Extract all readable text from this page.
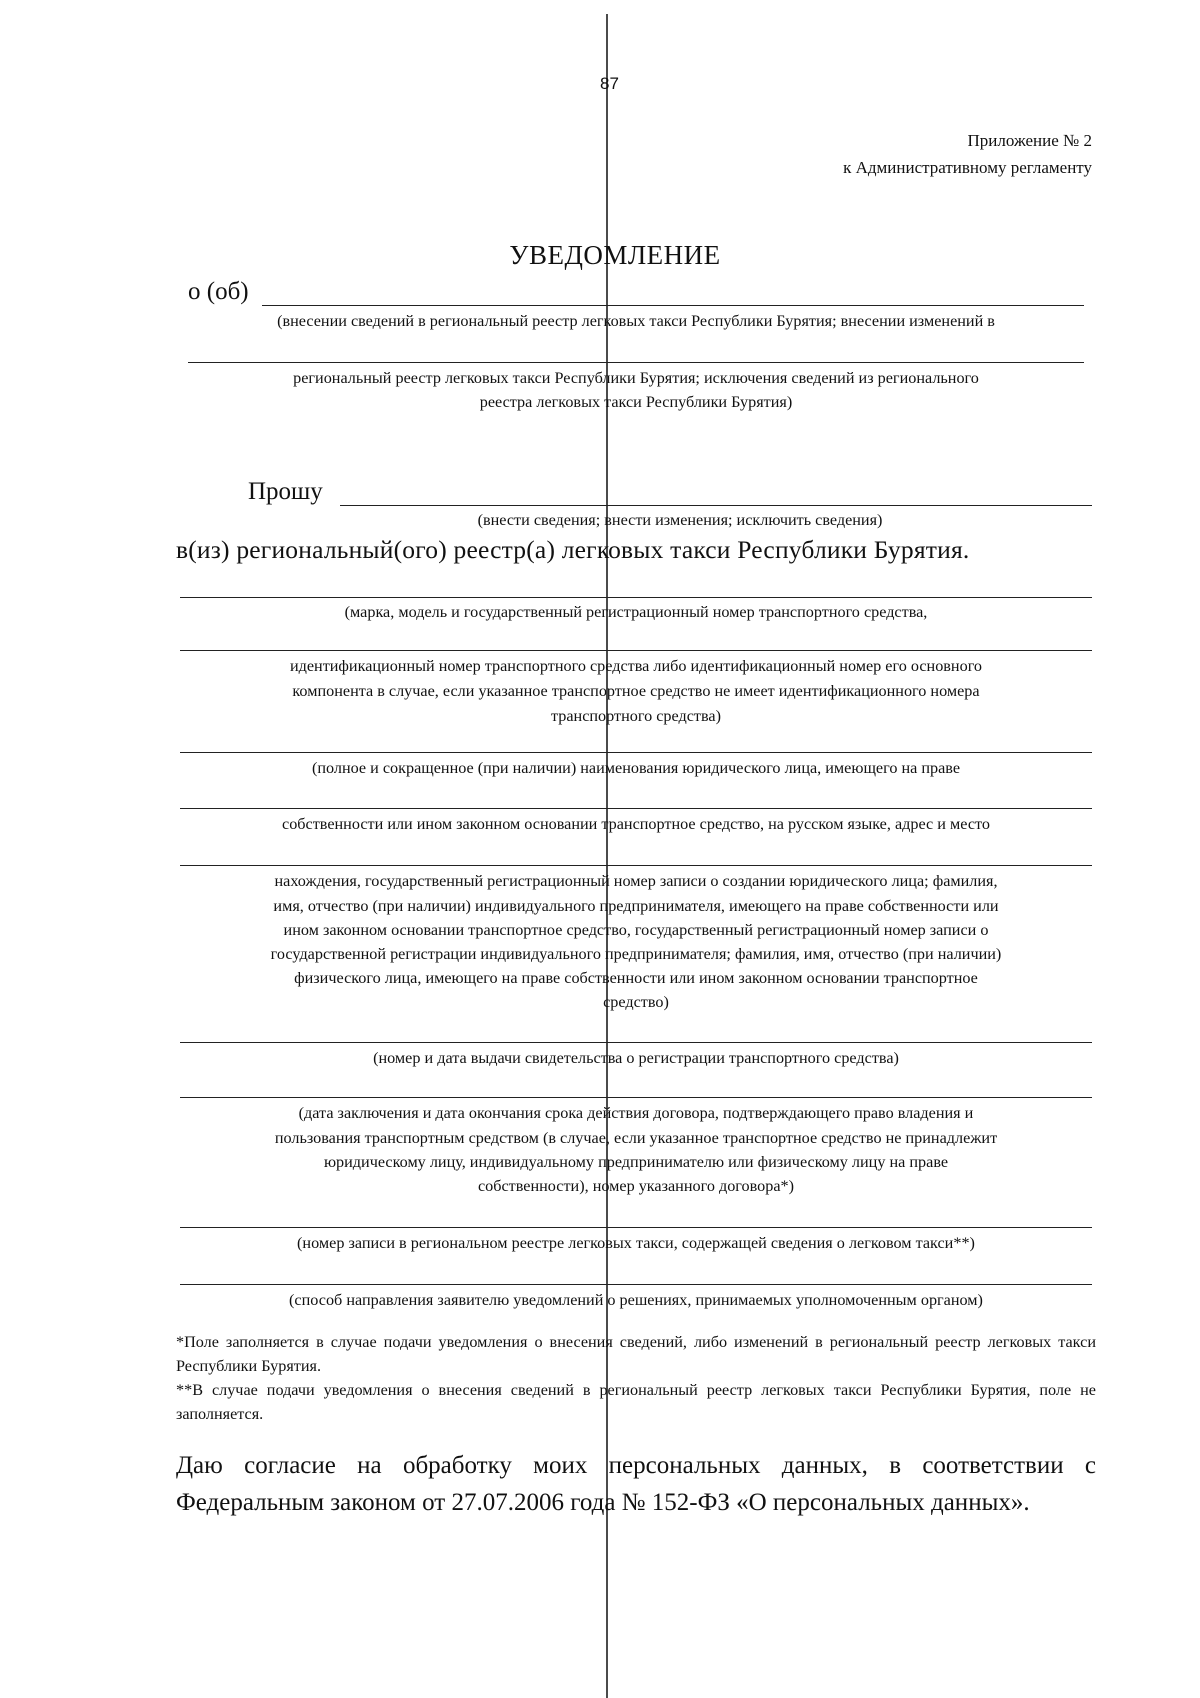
87
Приложение № 2
к Административному регламенту
УВЕДОМЛЕНИЕ
о (об)
(внесении сведений в региональный реестр легковых такси Республики Бурятия; внесении изменений в
региональный реестр легковых такси Республики Бурятия; исключения сведений из регионального
реестра легковых такси Республики Бурятия)
Прошу
(внести сведения; внести изменения; исключить сведения)
в(из) региональный(ого) реестр(а) легковых такси Республики Бурятия.
(марка, модель и государственный регистрационный номер транспортного средства,
идентификационный номер транспортного средства либо идентификационный номер его основного
компонента в случае, если указанное транспортное средство не имеет идентификационного номера
транспортного средства)
(полное и сокращенное (при наличии) наименования юридического лица, имеющего на праве
собственности или ином законном основании транспортное средство, на русском языке, адрес и место
нахождения, государственный регистрационный номер записи о создании юридического лица; фамилия,
имя, отчество (при наличии) индивидуального предпринимателя, имеющего на праве собственности или
ином законном основании транспортное средство, государственный регистрационный номер записи о
государственной регистрации индивидуального предпринимателя; фамилия, имя, отчество (при наличии)
физического лица, имеющего на праве собственности или ином законном основании транспортное
средство)
(номер и дата выдачи свидетельства о регистрации транспортного средства)
(дата заключения и дата окончания срока действия договора, подтверждающего право владения и
пользования транспортным средством (в случае, если указанное транспортное средство не принадлежит
юридическому лицу, индивидуальному предпринимателю или физическому лицу на праве
собственности), номер указанного договора*)
(номер записи в региональном реестре легковых такси, содержащей сведения о легковом такси**)
(способ направления заявителю уведомлений о решениях, принимаемых уполномоченным органом)
*Поле заполняется в случае подачи уведомления о внесения сведений, либо изменений в региональный реестр легковых такси Республики Бурятия.
**В случае подачи уведомления о внесения сведений в региональный реестр легковых такси Республики Бурятия, поле не заполняется.
Даю согласие на обработку моих персональных данных, в соответствии с Федеральным законом от 27.07.2006 года № 152-ФЗ «О персональных данных».
